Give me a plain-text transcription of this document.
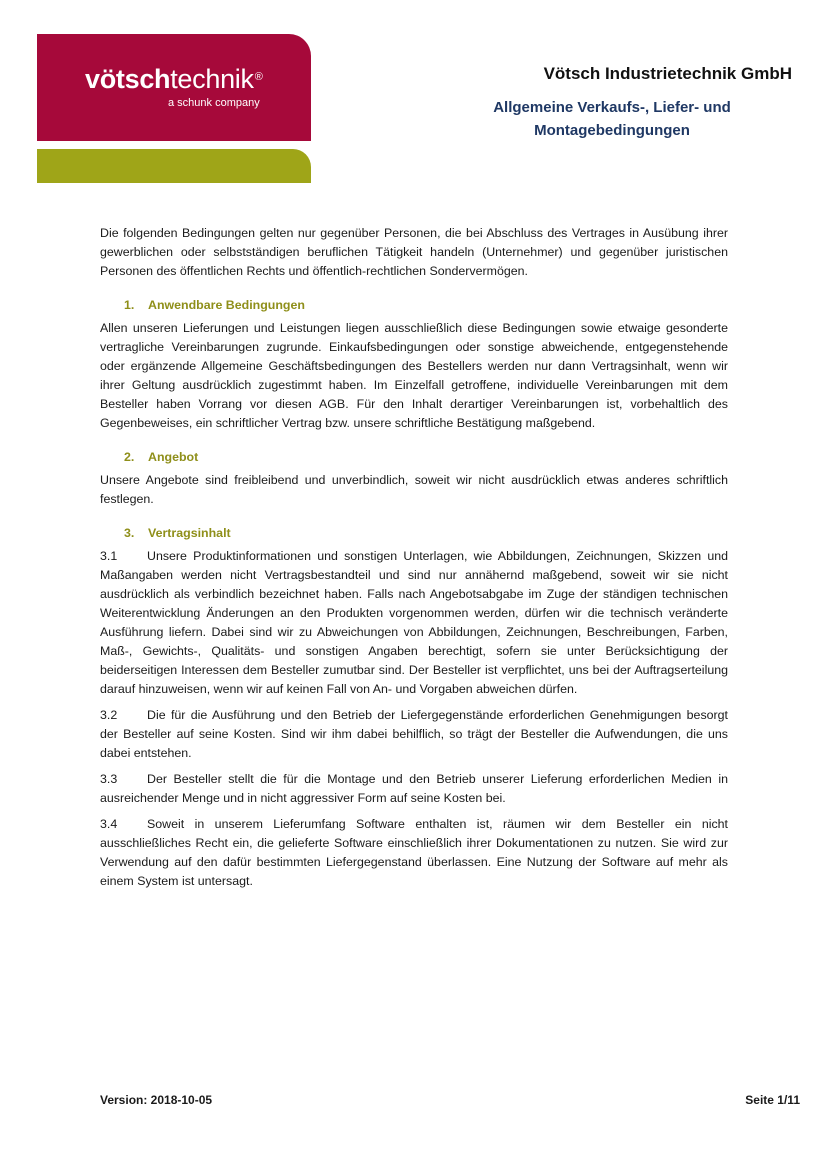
vötschtechnik®
a schunk company
Vötsch Industrietechnik GmbH
Allgemeine Verkaufs-, Liefer- und
Montagebedingungen

Die folgenden Bedingungen gelten nur gegenüber Personen, die bei Abschluss des Vertrages in Ausübung ihrer gewerblichen oder selbstständigen beruflichen Tätigkeit handeln (Unternehmer) und gegenüber juristischen Personen des öffentlichen Rechts und öffentlich-rechtlichen Sondervermögen.

1. Anwendbare Bedingungen

Allen unseren Lieferungen und Leistungen liegen ausschließlich diese Bedingungen sowie etwaige gesonderte vertragliche Vereinbarungen zugrunde. Einkaufsbedingungen oder sonstige abweichende, entgegenstehende oder ergänzende Allgemeine Geschäftsbedingungen des Bestellers werden nur dann Vertragsinhalt, wenn wir ihrer Geltung ausdrücklich zugestimmt haben. Im Einzelfall getroffene, individuelle Vereinbarungen mit dem Besteller haben Vorrang vor diesen AGB. Für den Inhalt derartiger Vereinbarungen ist, vorbehaltlich des Gegenbeweises, ein schriftlicher Vertrag bzw. unsere schriftliche Bestätigung maßgebend.

2. Angebot

Unsere Angebote sind freibleibend und unverbindlich, soweit wir nicht ausdrücklich etwas anderes schriftlich festlegen.

3. Vertragsinhalt

3.1 Unsere Produktinformationen und sonstigen Unterlagen, wie Abbildungen, Zeichnungen, Skizzen und Maßangaben werden nicht Vertragsbestandteil und sind nur annähernd maßgebend, soweit wir sie nicht ausdrücklich als verbindlich bezeichnet haben. Falls nach Angebotsabgabe im Zuge der ständigen technischen Weiterentwicklung Änderungen an den Produkten vorgenommen werden, dürfen wir die technisch veränderte Ausführung liefern. Dabei sind wir zu Abweichungen von Abbildungen, Zeichnungen, Beschreibungen, Farben, Maß-, Gewichts-, Qualitäts- und sonstigen Angaben berechtigt, sofern sie unter Berücksichtigung der beiderseitigen Interessen dem Besteller zumutbar sind. Der Besteller ist verpflichtet, uns bei der Auftragserteilung darauf hinzuweisen, wenn wir auf keinen Fall von An- und Vorgaben abweichen dürfen.

3.2 Die für die Ausführung und den Betrieb der Liefergegenstände erforderlichen Genehmigungen besorgt der Besteller auf seine Kosten. Sind wir ihm dabei behilflich, so trägt der Besteller die Aufwendungen, die uns dabei entstehen.

3.3 Der Besteller stellt die für die Montage und den Betrieb unserer Lieferung erforderlichen Medien in ausreichender Menge und in nicht aggressiver Form auf seine Kosten bei.

3.4 Soweit in unserem Lieferumfang Software enthalten ist, räumen wir dem Besteller ein nicht ausschließliches Recht ein, die gelieferte Software einschließlich ihrer Dokumentationen zu nutzen. Sie wird zur Verwendung auf den dafür bestimmten Liefergegenstand überlassen. Eine Nutzung der Software auf mehr als einem System ist untersagt.

Version: 2018-10-05	Seite 1/11
